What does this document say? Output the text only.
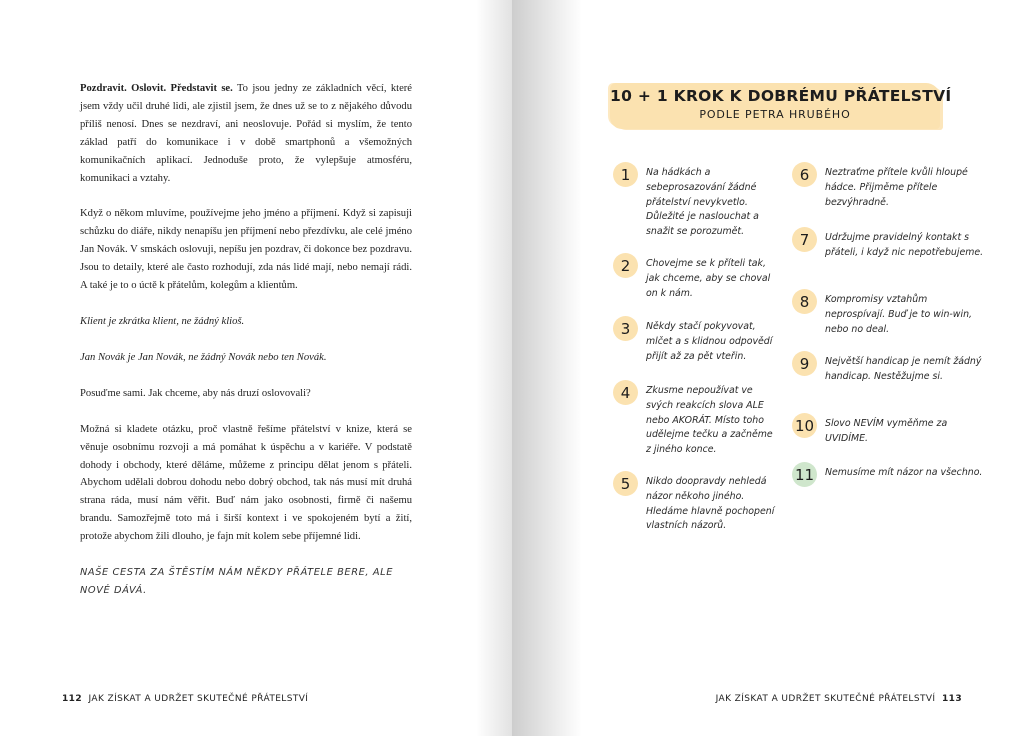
Pozdravit. Oslovit. Představit se. To jsou jedny ze základních věcí, které jsem vždy učil druhé lidi, ale zjistil jsem, že dnes už se to z nějakého důvodu příliš nenosí. Dnes se nezdraví, ani neoslovuje. Pořád si myslím, že tento základ patří do komunikace i v době smartphonů a všemožných komunikačních aplikací. Jednoduše proto, že vylepšuje atmosféru, komunikaci a vztahy.

Když o někom mluvíme, používejme jeho jméno a příjmení. Když si zapisuji schůzku do diáře, nikdy nenapíšu jen příjmení nebo přezdívku, ale celé jméno Jan Novák. V smskách oslovuji, nepíšu jen pozdrav, či dokonce bez pozdravu. Jsou to detaily, které ale často rozhodují, zda nás lidé mají, nebo nemají rádi. A také je to o úctě k přátelům, kolegům a klientům.

Klient je zkrátka klient, ne žádný klioš.

Jan Novák je Jan Novák, ne žádný Novák nebo ten Novák.

Posuďme sami. Jak chceme, aby nás druzí oslovovali?

Možná si kladete otázku, proč vlastně řešíme přátelství v knize, která se věnuje osobnímu rozvoji a má pomáhat k úspěchu a v kariéře. V podstatě dohody i obchody, které děláme, můžeme z principu dělat jenom s přáteli. Abychom udělali dobrou dohodu nebo dobrý obchod, tak nás musí mít druhá strana ráda, musí nám věřit. Buď nám jako osobnosti, firmě či našemu brandu. Samozřejmě toto má i širší kontext i ve spokojeném bytí a žití, protože abychom žili dlouho, je fajn mít kolem sebe příjemné lidi.

NAŠE CESTA ZA ŠTĚSTÍM NÁM NĚKDY PŘÁTELE BERE, ALE NOVÉ DÁVÁ.

112 JAK ZÍSKAT A UDRŽET SKUTEČNÉ PŘÁTELSTVÍ
10 + 1 KROK K DOBRÉMU PŘÁTELSTVÍ
PODLE PETRA HRUBÉHO
1	Na hádkách a sebeprosazování žádné přátelství nevykvetlo. Důležité je naslouchat a snažit se porozumět.
2	Chovejme se k příteli tak, jak chceme, aby se choval on k nám.
3	Někdy stačí pokyvovat, mlčet a s klidnou odpovědí přijít až za pět vteřin.
4	Zkusme nepoužívat ve svých reakcích slova ALE nebo AKORÁT. Místo toho udělejme tečku a začněme z jiného konce.
5	Nikdo doopravdy nehledá názor někoho jiného. Hledáme hlavně pochopení vlastních názorů.
6	Neztraťme přítele kvůli hloupé hádce. Přijměme přítele bezvýhradně.
7	Udržujme pravidelný kontakt s přáteli, i když nic nepotřebujeme.
8	Kompromisy vztahům neprospívají. Buď je to win-win, nebo no deal.
9	Největší handicap je nemít žádný handicap. Nestěžujme si.
10	Slovo NEVÍM vyměňme za UVIDÍME.
11	Nemusíme mít názor na všechno.
JAK ZÍSKAT A UDRŽET SKUTEČNÉ PŘÁTELSTVÍ 113
